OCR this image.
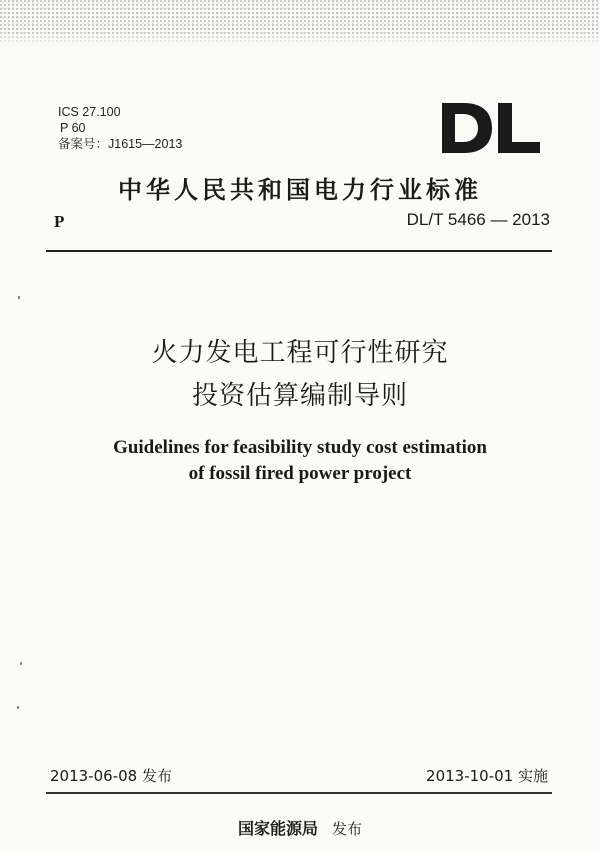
ICS 27.100
P 60
备案号：J1615—2013
中华人民共和国电力行业标准
P	DL/T 5466 — 2013
火力发电工程可行性研究
投资估算编制导则
Guidelines for feasibility study cost estimation
of fossil fired power project
2013-06-08 发布	2013-10-01 实施
国家能源局 发布
